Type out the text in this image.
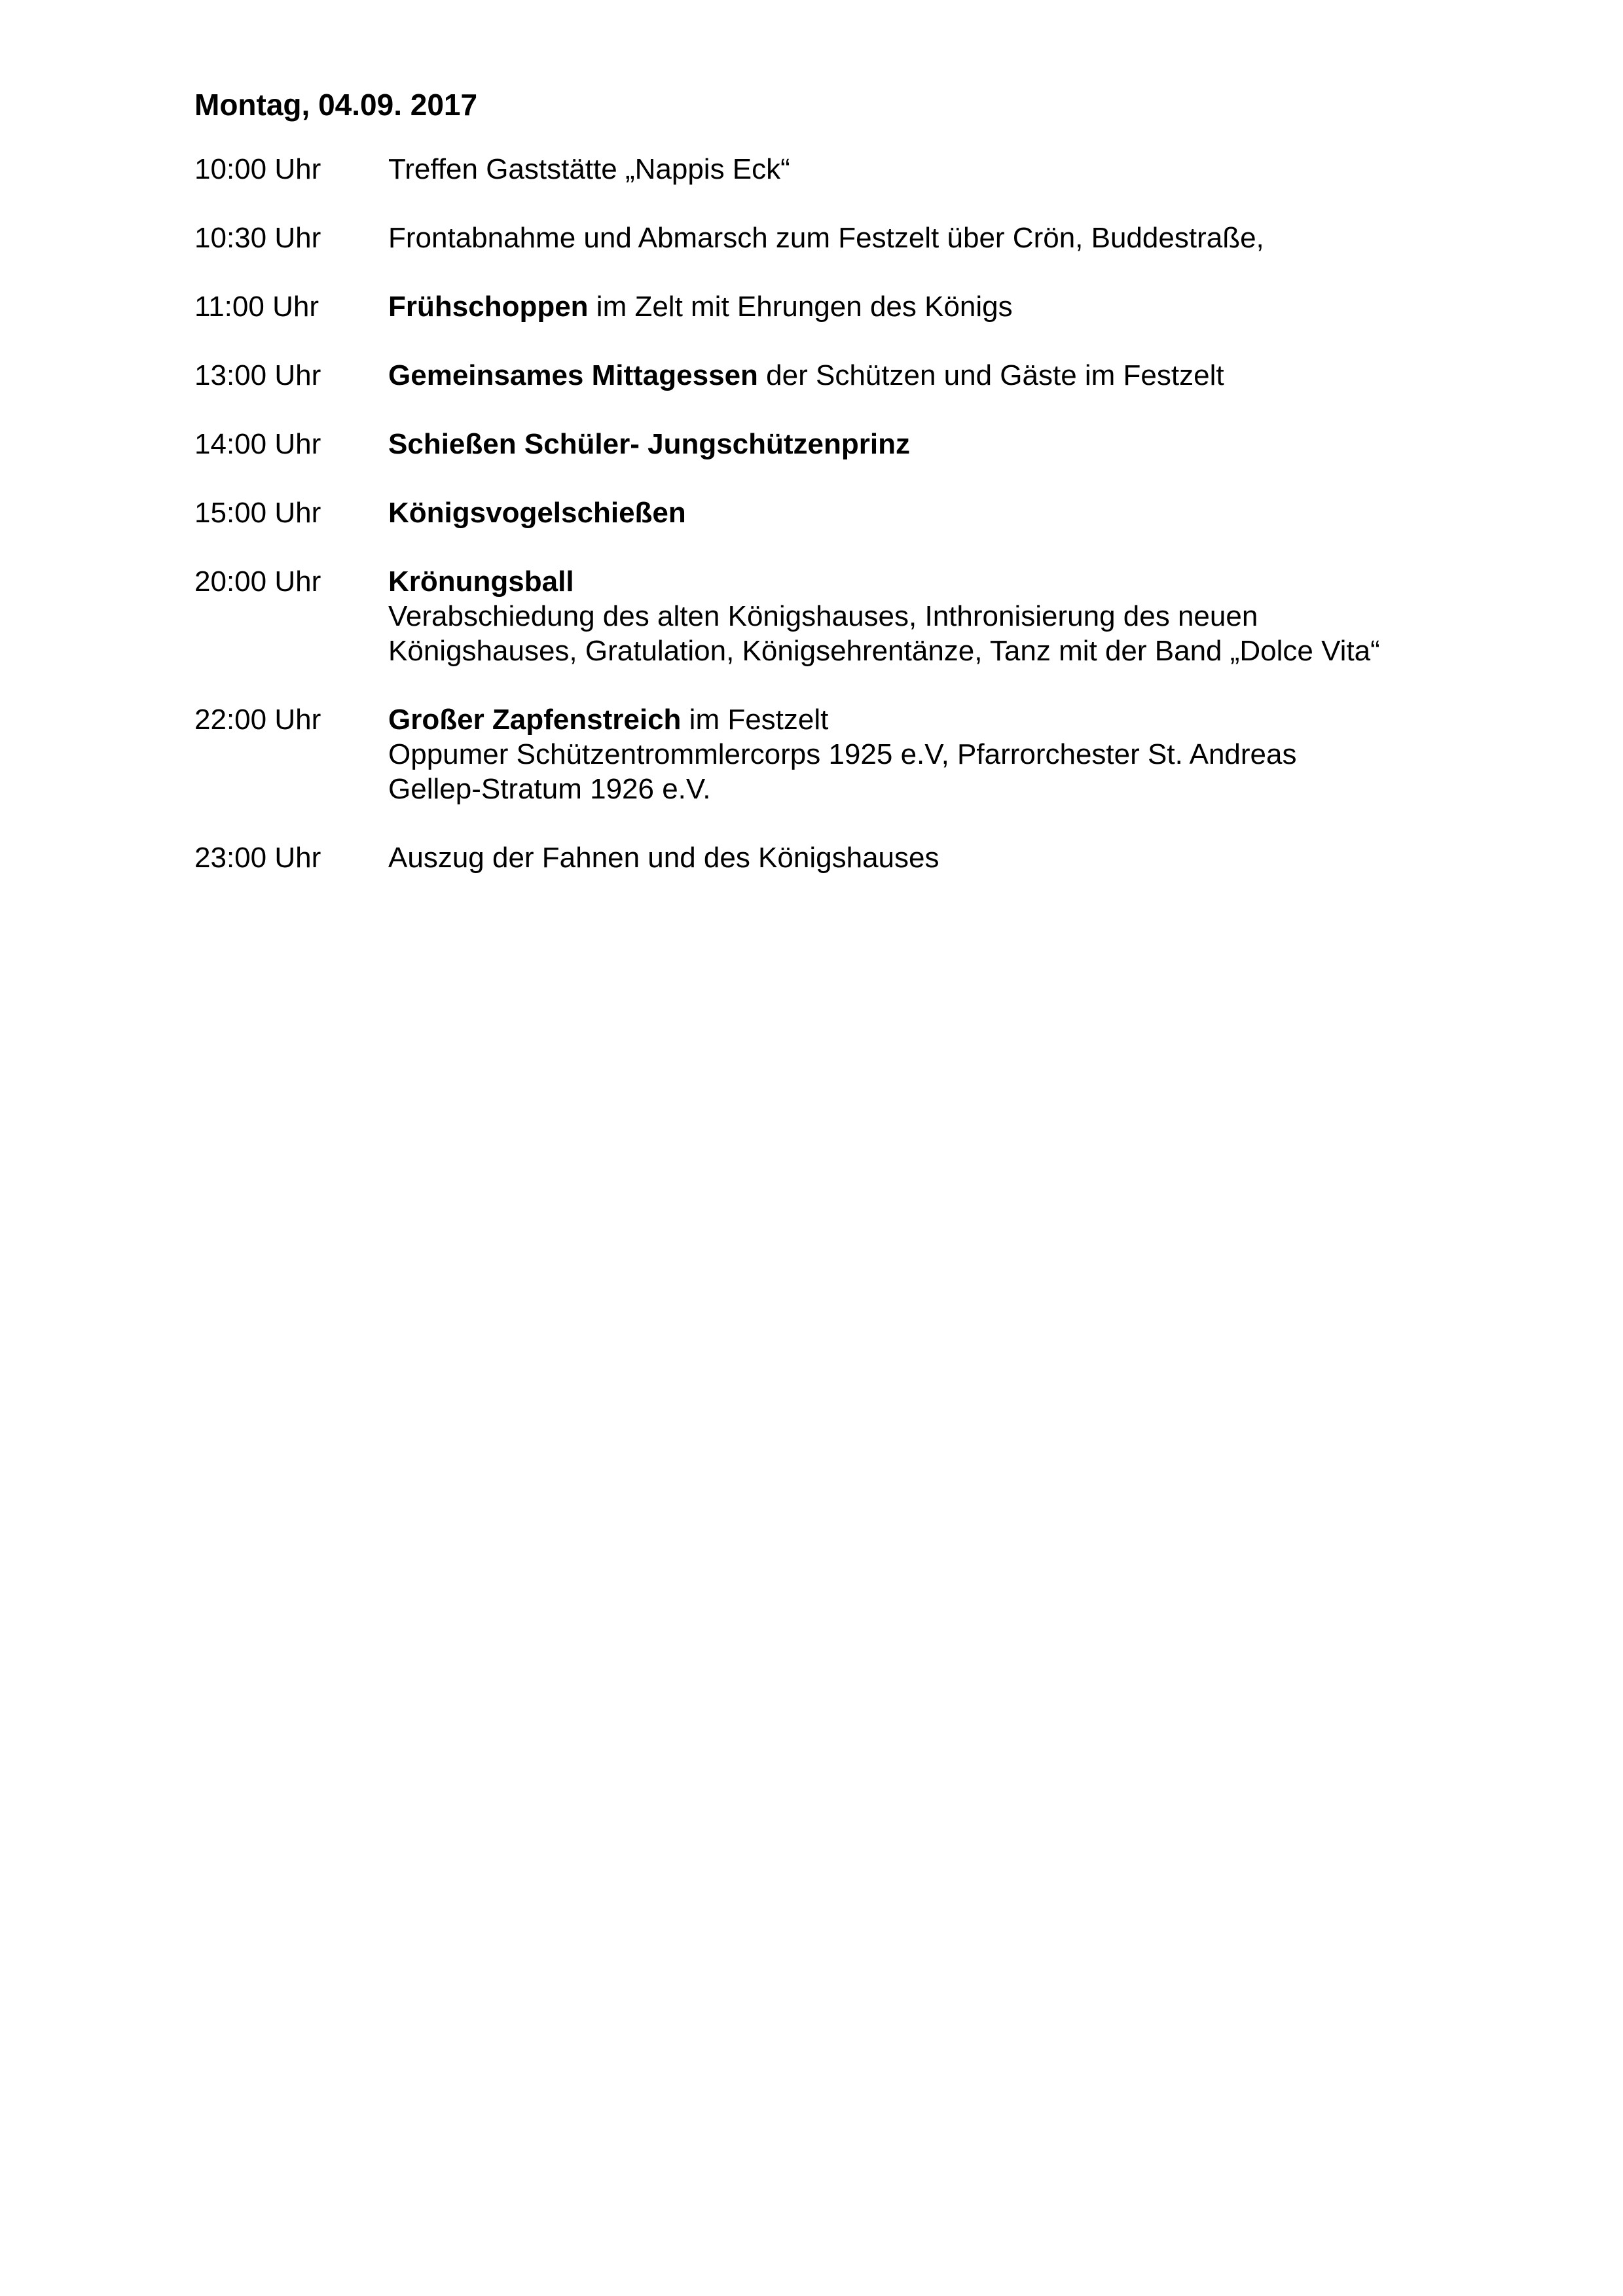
Montag, 04.09. 2017
10:00 Uhr	Treffen Gaststätte „Nappis Eck“
10:30 Uhr	Frontabnahme und Abmarsch zum Festzelt über Crön, Buddestraße,
11:00 Uhr	Frühschoppen im Zelt mit Ehrungen des Königs
13:00 Uhr	Gemeinsames Mittagessen der Schützen und Gäste im Festzelt
14:00 Uhr	Schießen Schüler- Jungschützenprinz
15:00 Uhr	Königsvogelschießen
20:00 Uhr	Krönungsball
Verabschiedung des alten Königshauses, Inthronisierung des neuen
Königshauses, Gratulation, Königsehrentänze, Tanz mit der Band „Dolce Vita“
22:00 Uhr	Großer Zapfenstreich im Festzelt
Oppumer Schützentrommlercorps 1925 e.V, Pfarrorchester St. Andreas
Gellep-Stratum 1926 e.V.
23:00 Uhr	Auszug der Fahnen und des Königshauses
